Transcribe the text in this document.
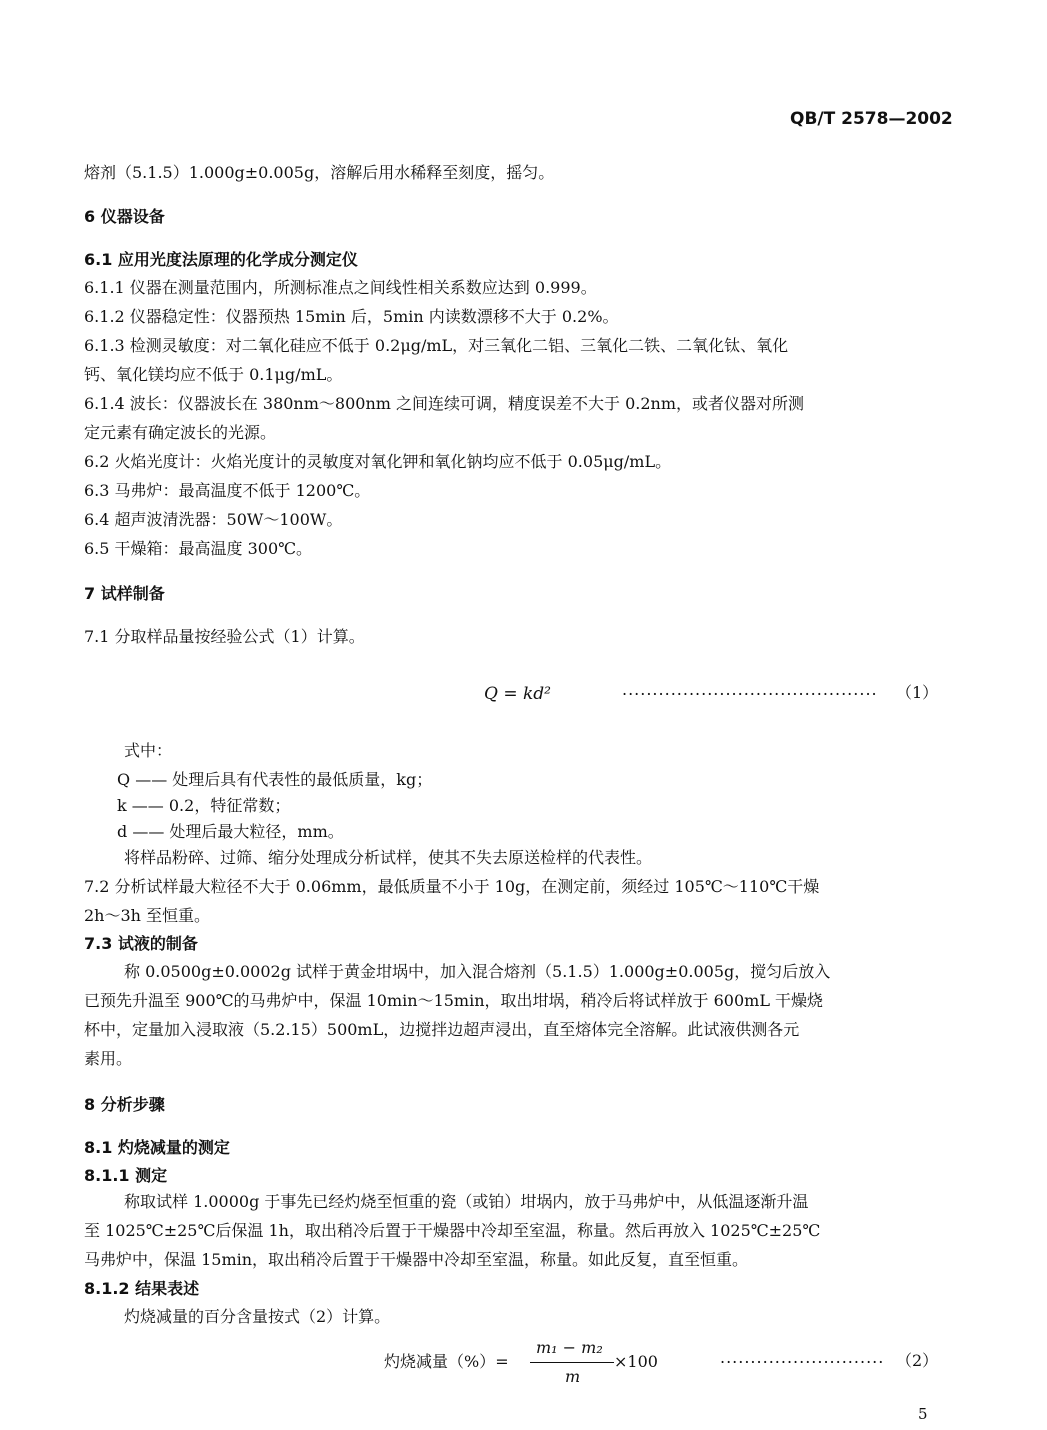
QB/T 2578—2002
熔剂（5.1.5）1.000g±0.005g，溶解后用水稀释至刻度，摇匀。
6 仪器设备
6.1 应用光度法原理的化学成分测定仪
6.1.1 仪器在测量范围内，所测标准点之间线性相关系数应达到 0.999。
6.1.2 仪器稳定性：仪器预热 15min 后，5min 内读数漂移不大于 0.2%。
6.1.3 检测灵敏度：对二氧化硅应不低于 0.2μg/mL，对三氧化二铝、三氧化二铁、二氧化钛、氧化
钙、氧化镁均应不低于 0.1μg/mL。
6.1.4 波长：仪器波长在 380nm～800nm 之间连续可调，精度误差不大于 0.2nm，或者仪器对所测
定元素有确定波长的光源。
6.2 火焰光度计：火焰光度计的灵敏度对氧化钾和氧化钠均应不低于 0.05μg/mL。
6.3 马弗炉：最高温度不低于 1200℃。
6.4 超声波清洗器：50W～100W。
6.5 干燥箱：最高温度 300℃。
7 试样制备
7.1 分取样品量按经验公式（1）计算。
Q = kd²	.......................................... （1）
式中：
Q —— 处理后具有代表性的最低质量，kg；
k —— 0.2，特征常数；
d —— 处理后最大粒径，mm。
将样品粉碎、过筛、缩分处理成分析试样，使其不失去原送检样的代表性。
7.2 分析试样最大粒径不大于 0.06mm，最低质量不小于 10g，在测定前，须经过 105℃～110℃干燥
2h～3h 至恒重。
7.3 试液的制备
称 0.0500g±0.0002g 试样于黄金坩埚中，加入混合熔剂（5.1.5）1.000g±0.005g，搅匀后放入
已预先升温至 900℃的马弗炉中，保温 10min～15min，取出坩埚，稍冷后将试样放于 600mL 干燥烧
杯中，定量加入浸取液（5.2.15）500mL，边搅拌边超声浸出，直至熔体完全溶解。此试液供测各元
素用。
8 分析步骤
8.1 灼烧减量的测定
8.1.1 测定
称取试样 1.0000g 于事先已经灼烧至恒重的瓷（或铂）坩埚内，放于马弗炉中，从低温逐渐升温
至 1025℃±25℃后保温 1h，取出稍冷后置于干燥器中冷却至室温，称量。然后再放入 1025℃±25℃
马弗炉中，保温 15min，取出稍冷后置于干燥器中冷却至室温，称量。如此反复，直至恒重。
8.1.2 结果表述
灼烧减量的百分含量按式（2）计算。
灼烧减量（%）=
m₁ − m₂
m
×100	........................... （2）
5
